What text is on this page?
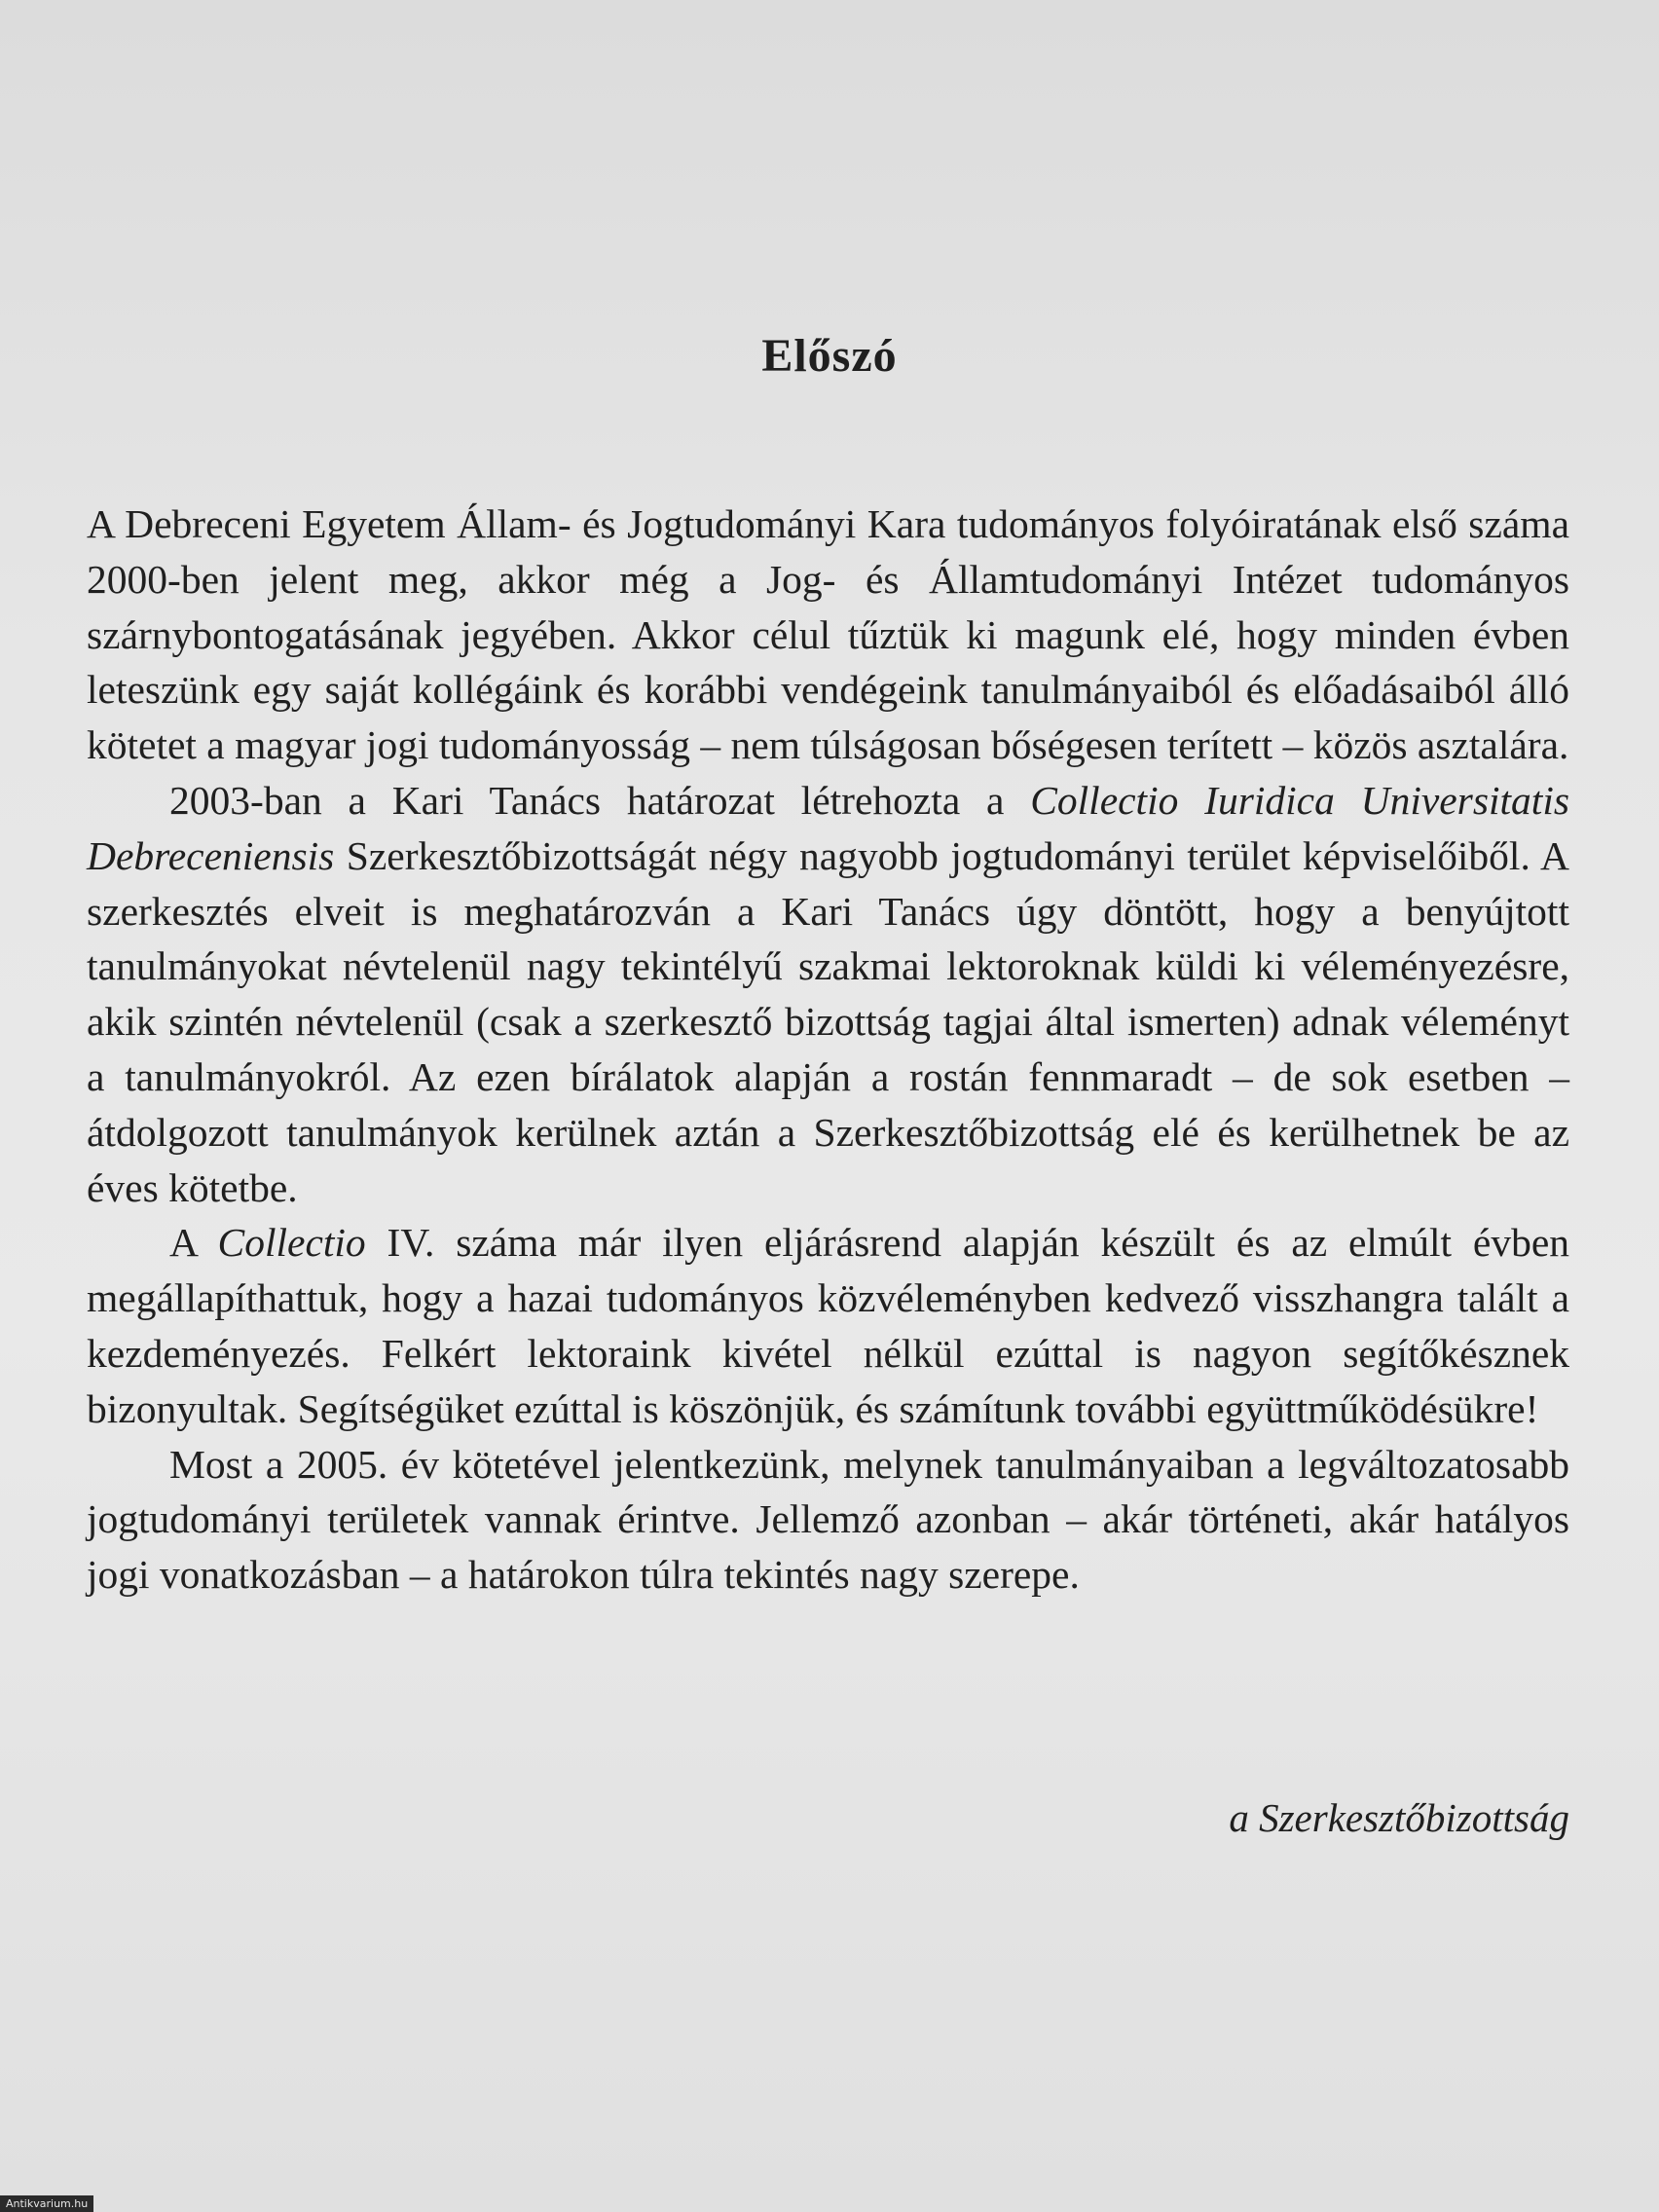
Előszó

A Debreceni Egyetem Állam- és Jogtudományi Kara tudományos folyóiratának első száma 2000-ben jelent meg, akkor még a Jog- és Államtudományi Intézet tudományos szárnybontogatásának jegyében. Akkor célul tűztük ki magunk elé, hogy minden évben leteszünk egy saját kollégáink és korábbi vendégeink tanulmányaiból és előadásaiból álló kötetet a magyar jogi tudományosság – nem túlságosan bőségesen terített – közös asztalára.

2003-ban a Kari Tanács határozat létrehozta a Collectio Iuridica Universitatis Debreceniensis Szerkesztőbizottságát négy nagyobb jogtudományi terület képviselőiből. A szerkesztés elveit is meghatározván a Kari Tanács úgy döntött, hogy a benyújtott tanulmányokat névtelenül nagy tekintélyű szakmai lektoroknak küldi ki véleményezésre, akik szintén névtelenül (csak a szerkesztő bizottság tagjai által ismerten) adnak véleményt a tanulmányokról. Az ezen bírálatok alapján a rostán fennmaradt – de sok esetben – átdolgozott tanulmányok kerülnek aztán a Szerkesztőbizottság elé és kerülhetnek be az éves kötetbe.

A Collectio IV. száma már ilyen eljárásrend alapján készült és az elmúlt évben megállapíthattuk, hogy a hazai tudományos közvéleményben kedvező visszhangra talált a kezdeményezés. Felkért lektoraink kivétel nélkül ezúttal is nagyon segítőkésznek bizonyultak. Segítségüket ezúttal is köszönjük, és számítunk további együttműködésükre!

Most a 2005. év kötetével jelentkezünk, melynek tanulmányaiban a legváltozatosabb jogtudományi területek vannak érintve. Jellemző azonban – akár történeti, akár hatályos jogi vonatkozásban – a határokon túlra tekintés nagy szerepe.

a Szerkesztőbizottság

Antikvarium.hu
